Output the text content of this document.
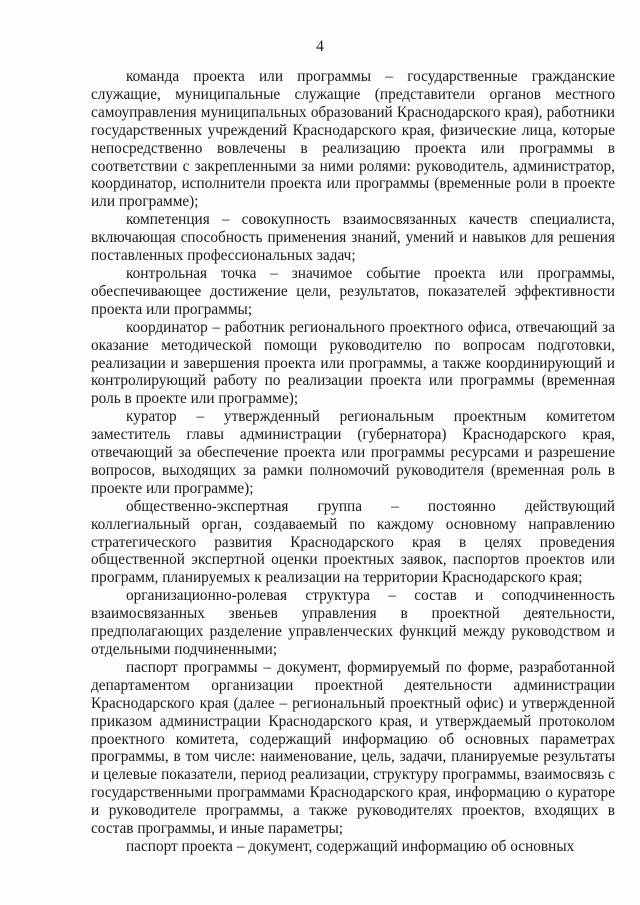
4

команда проекта или программы – государственные гражданские служащие, муниципальные служащие (представители органов местного самоуправления муниципальных образований Краснодарского края), работники государственных учреждений Краснодарского края, физические лица, которые непосредственно вовлечены в реализацию проекта или программы в соответствии с закрепленными за ними ролями: руководитель, администратор, координатор, исполнители проекта или программы (временные роли в проекте или программе);

компетенция – совокупность взаимосвязанных качеств специалиста, включающая способность применения знаний, умений и навыков для решения поставленных профессиональных задач;

контрольная точка – значимое событие проекта или программы, обеспечивающее достижение цели, результатов, показателей эффективности проекта или программы;

координатор – работник регионального проектного офиса, отвечающий за оказание методической помощи руководителю по вопросам подготовки, реализации и завершения проекта или программы, а также координирующий и контролирующий работу по реализации проекта или программы (временная роль в проекте или программе);

куратор – утвержденный региональным проектным комитетом заместитель главы администрации (губернатора) Краснодарского края, отвечающий за обеспечение проекта или программы ресурсами и разрешение вопросов, выходящих за рамки полномочий руководителя (временная роль в проекте или программе);

общественно-экспертная группа – постоянно действующий коллегиальный орган, создаваемый по каждому основному направлению стратегического развития Краснодарского края в целях проведения общественной экспертной оценки проектных заявок, паспортов проектов или программ, планируемых к реализации на территории Краснодарского края;

организационно-ролевая структура – состав и соподчиненность взаимосвязанных звеньев управления в проектной деятельности, предполагающих разделение управленческих функций между руководством и отдельными подчиненными;

паспорт программы – документ, формируемый по форме, разработанной департаментом организации проектной деятельности администрации Краснодарского края (далее – региональный проектный офис) и утвержденной приказом администрации Краснодарского края, и утверждаемый протоколом проектного комитета, содержащий информацию об основных параметрах программы, в том числе: наименование, цель, задачи, планируемые результаты и целевые показатели, период реализации, структуру программы, взаимосвязь с государственными программами Краснодарского края, информацию о кураторе и руководителе программы, а также руководителях проектов, входящих в состав программы, и иные параметры;

паспорт проекта – документ, содержащий информацию об основных
